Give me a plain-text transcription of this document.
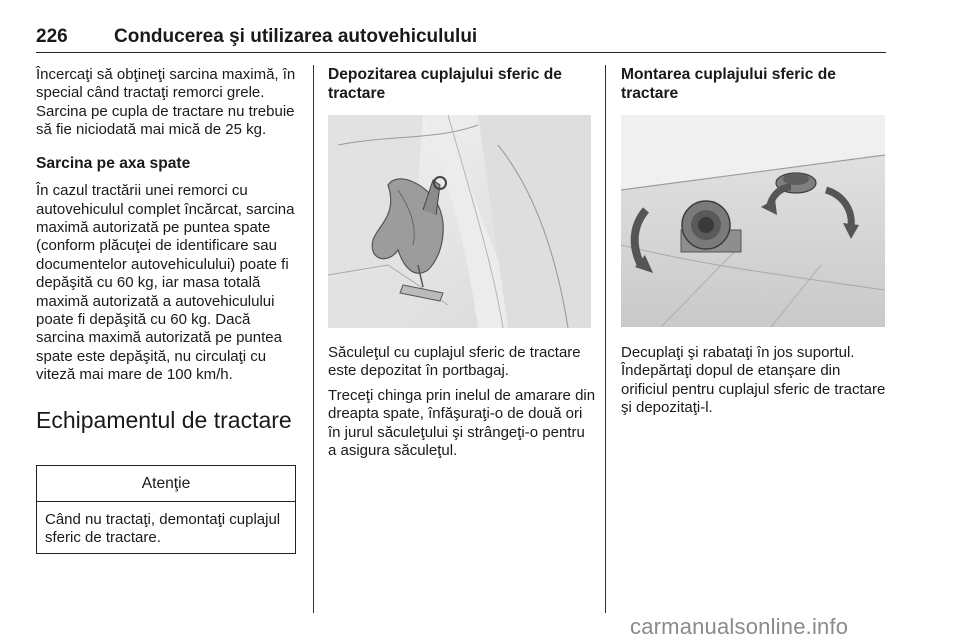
226 Conducerea şi utilizarea autovehiculului

Încercaţi să obţineţi sarcina maximă, în special când tractaţi remorci grele. Sarcina pe cupla de tractare nu trebuie să fie niciodată mai mică de 25 kg.

Sarcina pe axa spate

În cazul tractării unei remorci cu autovehiculul complet încărcat, sarcina maximă autorizată pe puntea spate (conform plăcuţei de identificare sau documentelor autovehiculului) poate fi depăşită cu 60 kg, iar masa totală maximă autorizată a autovehiculului poate fi depăşită cu 60 kg. Dacă sarcina maximă autorizată pe puntea spate este depăşită, nu circulaţi cu viteză mai mare de 100 km/h.

Echipamentul de tractare
Atenţie
Când nu tractaţi, demontaţi cuplajul sferic de tractare.
Depozitarea cuplajului sferic de tractare

Săculeţul cu cuplajul sferic de tractare este depozitat în portbagaj.

Treceţi chinga prin inelul de amarare din dreapta spate, înfăşuraţi-o de două ori în jurul săculeţului şi strângeţi-o pentru a asigura săculeţul.

Montarea cuplajului sferic de tractare

Decuplaţi şi rabataţi în jos suportul. Îndepărtaţi dopul de etanşare din orificiul pentru cuplajul sferic de tractare şi depozitaţi-l.

carmanualsonline.info
